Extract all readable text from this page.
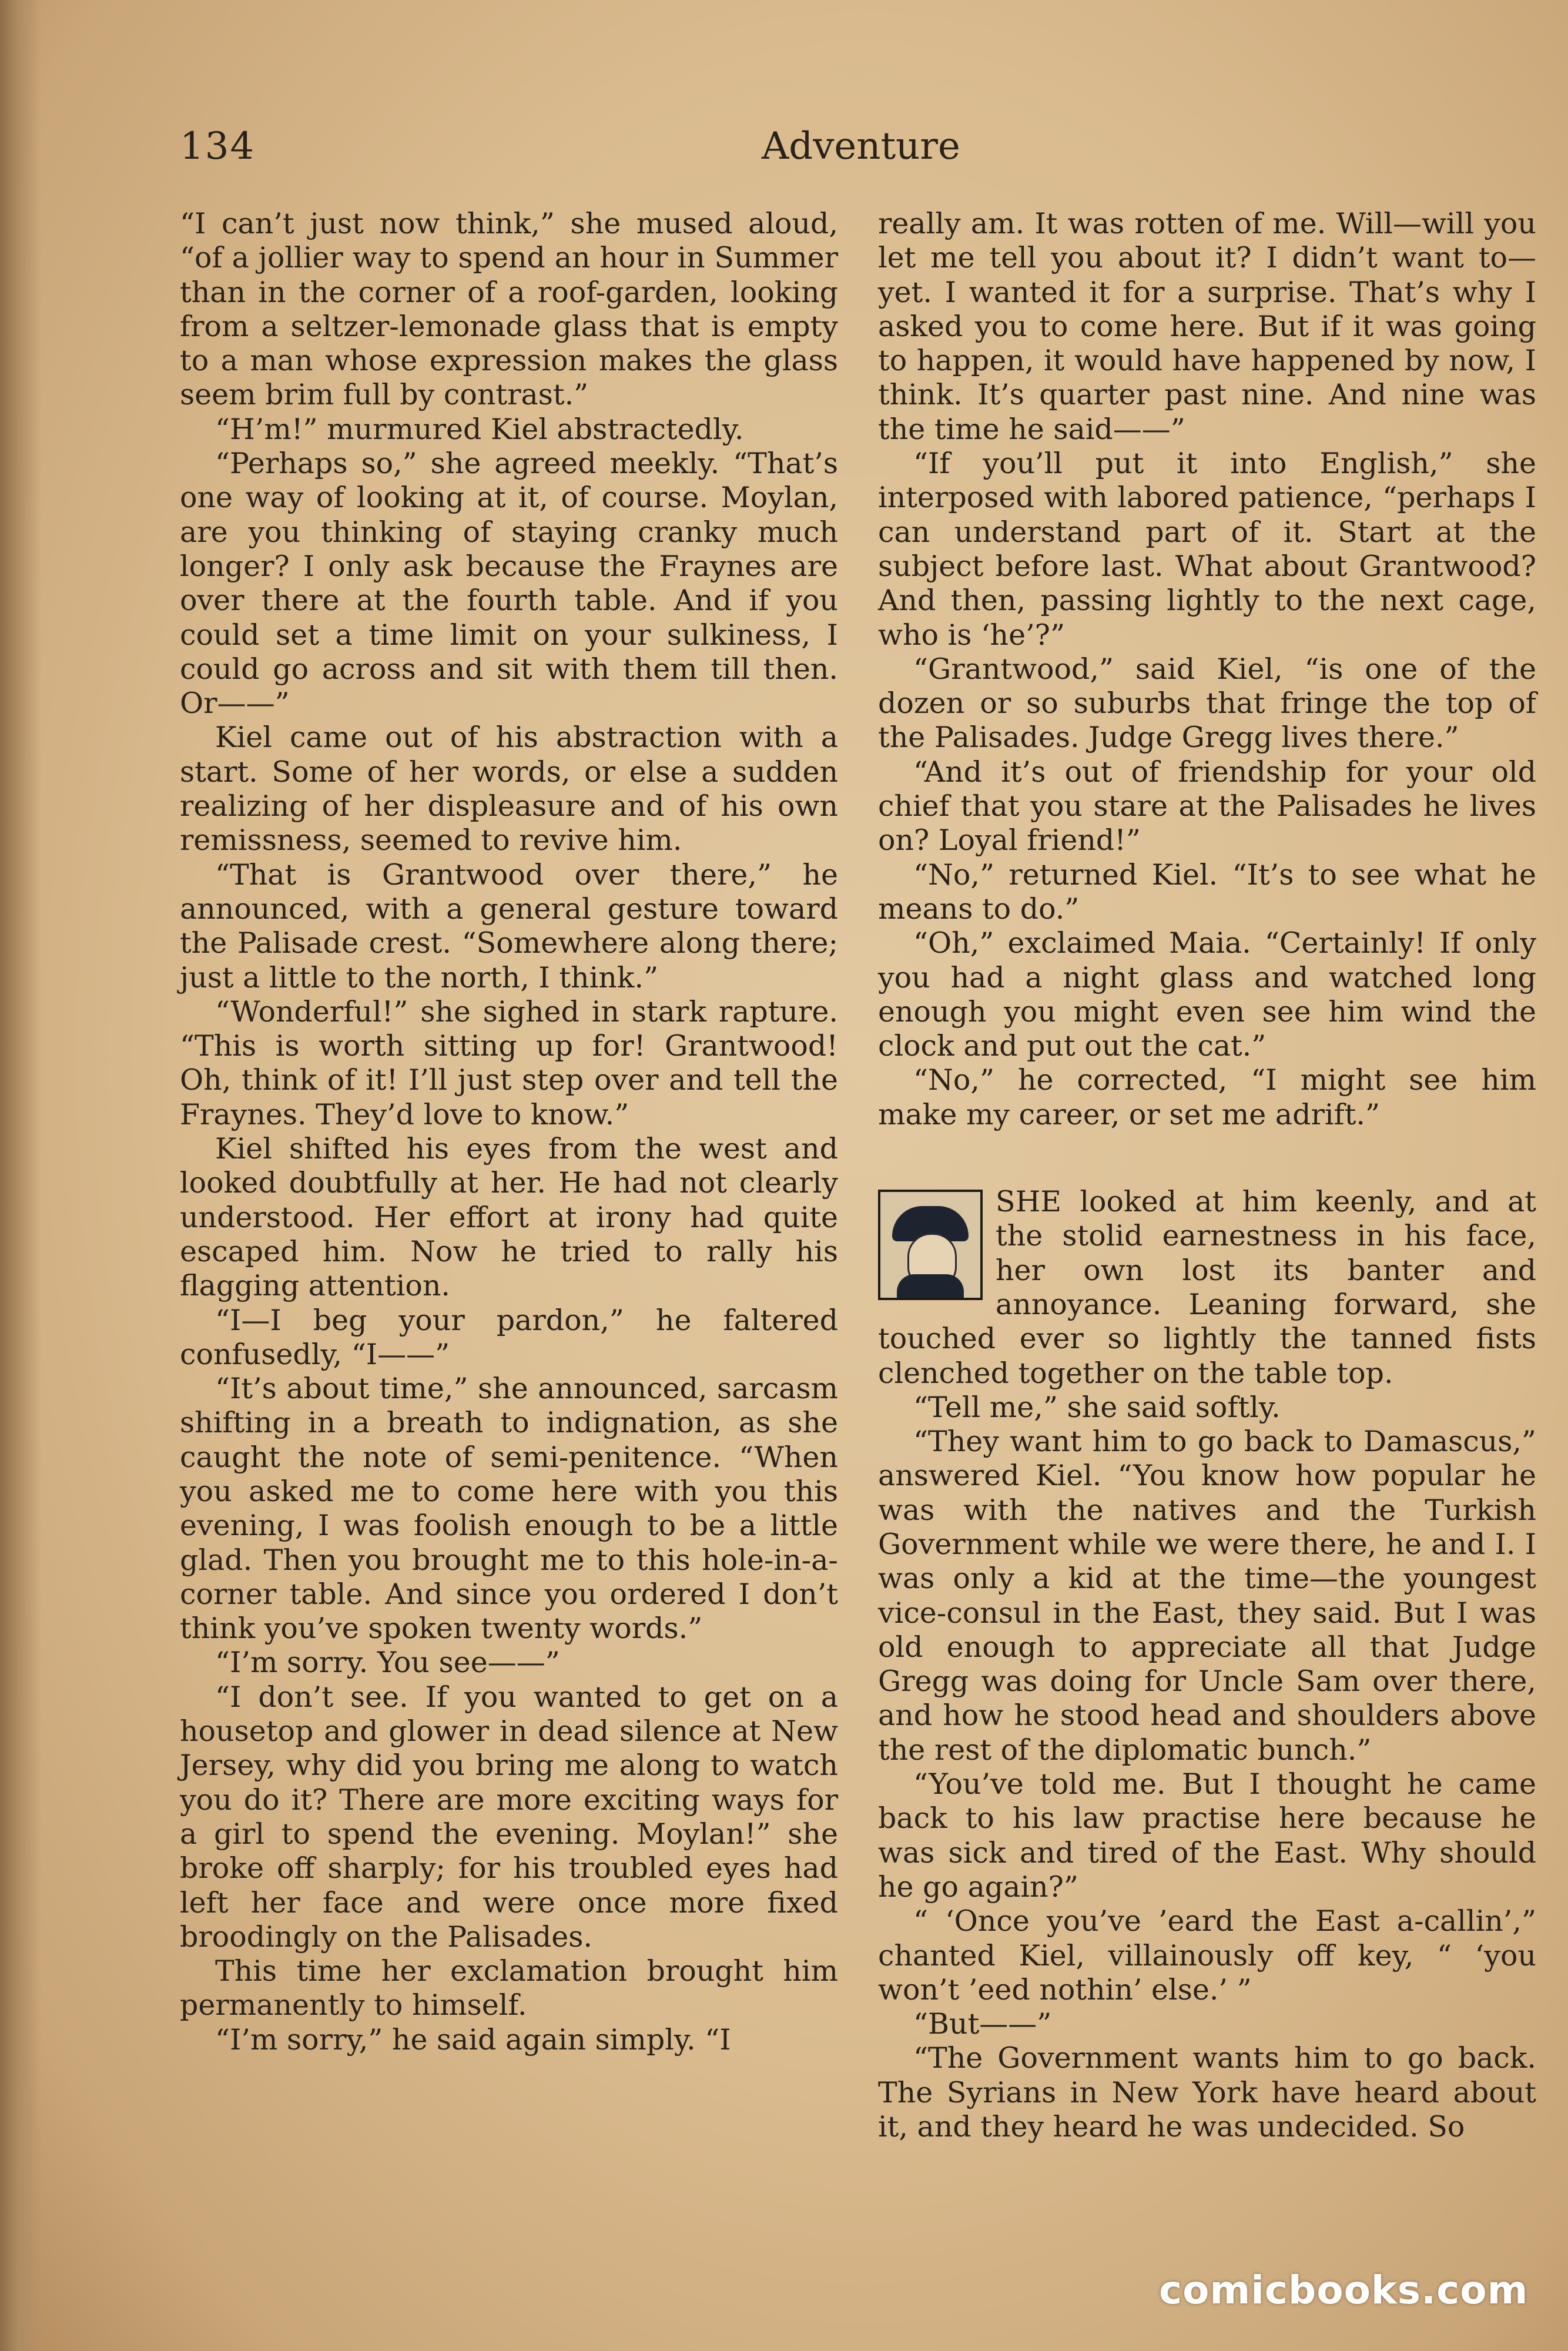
134	Adventure

“I can’t just now think,” she mused aloud, “of a jollier way to spend an hour in Summer than in the corner of a roof-garden, looking from a seltzer-lemonade glass that is empty to a man whose expression makes the glass seem brim full by contrast.”

“H’m!” murmured Kiel abstractedly.

“Perhaps so,” she agreed meekly. “That’s one way of looking at it, of course. Moylan, are you thinking of staying cranky much longer? I only ask because the Fraynes are over there at the fourth table. And if you could set a time limit on your sulkiness, I could go across and sit with them till then. Or——”

Kiel came out of his abstraction with a start. Some of her words, or else a sudden realizing of her displeasure and of his own remissness, seemed to revive him.

“That is Grantwood over there,” he announced, with a general gesture toward the Palisade crest. “Somewhere along there; just a little to the north, I think.”

“Wonderful!” she sighed in stark rapture. “This is worth sitting up for! Grantwood! Oh, think of it! I’ll just step over and tell the Fraynes. They’d love to know.”

Kiel shifted his eyes from the west and looked doubtfully at her. He had not clearly understood. Her effort at irony had quite escaped him. Now he tried to rally his flagging attention.

“I—I beg your pardon,” he faltered confusedly, “I——”

“It’s about time,” she announced, sarcasm shifting in a breath to indignation, as she caught the note of semi-penitence. “When you asked me to come here with you this evening, I was foolish enough to be a little glad. Then you brought me to this hole-in-a-corner table. And since you ordered I don’t think you’ve spoken twenty words.”

“I’m sorry. You see——”

“I don’t see. If you wanted to get on a housetop and glower in dead silence at New Jersey, why did you bring me along to watch you do it? There are more exciting ways for a girl to spend the evening. Moylan!” she broke off sharply; for his troubled eyes had left her face and were once more fixed broodingly on the Palisades.

This time her exclamation brought him permanently to himself.

“I’m sorry,” he said again simply. “I

really am. It was rotten of me. Will—will you let me tell you about it? I didn’t want to—yet. I wanted it for a surprise. That’s why I asked you to come here. But if it was going to happen, it would have happened by now, I think. It’s quarter past nine. And nine was the time he said——”

“If you’ll put it into English,” she interposed with labored patience, “perhaps I can understand part of it. Start at the subject before last. What about Grantwood? And then, passing lightly to the next cage, who is ‘he’?”

“Grantwood,” said Kiel, “is one of the dozen or so suburbs that fringe the top of the Palisades. Judge Gregg lives there.”

“And it’s out of friendship for your old chief that you stare at the Palisades he lives on? Loyal friend!”

“No,” returned Kiel. “It’s to see what he means to do.”

“Oh,” exclaimed Maia. “Certainly! If only you had a night glass and watched long enough you might even see him wind the clock and put out the cat.”

“No,” he corrected, “I might see him make my career, or set me adrift.”

SHE looked at him keenly, and at the stolid earnestness in his face, her own lost its banter and annoyance. Leaning forward, she touched ever so lightly the tanned fists clenched together on the table top.

“Tell me,” she said softly.

“They want him to go back to Damascus,” answered Kiel. “You know how popular he was with the natives and the Turkish Government while we were there, he and I. I was only a kid at the time—the youngest vice-consul in the East, they said. But I was old enough to appreciate all that Judge Gregg was doing for Uncle Sam over there, and how he stood head and shoulders above the rest of the diplomatic bunch.”

“You’ve told me. But I thought he came back to his law practise here because he was sick and tired of the East. Why should he go again?”

“ ‘Once you’ve ’eard the East a-callin’,” chanted Kiel, villainously off key, “ ‘you won’t ’eed nothin’ else.’ ”

“But——”

“The Government wants him to go back. The Syrians in New York have heard about it, and they heard he was undecided. So

comicbooks.com
